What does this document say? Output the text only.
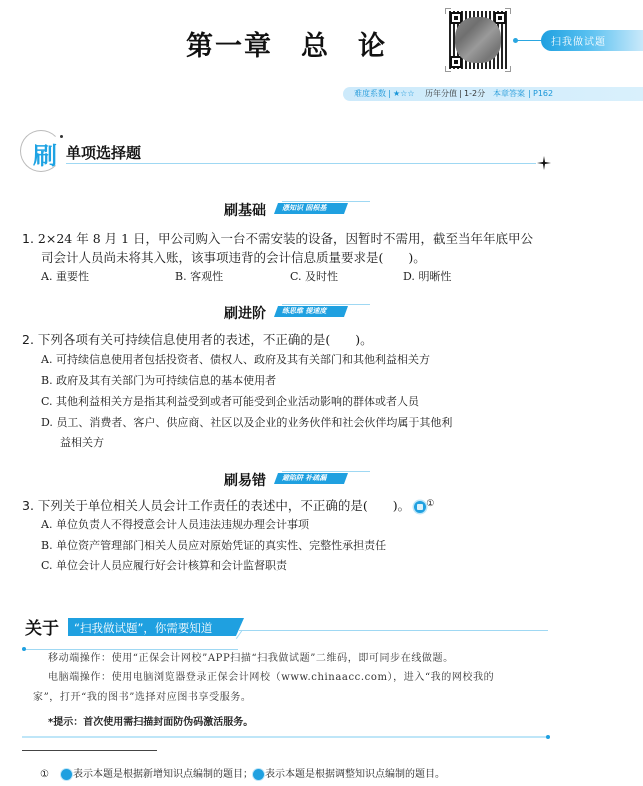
第一章 总 论	扫我做试题
难度系数 | ★☆☆ 历年分值 | 1-2分 本章答案 | P162
刷 单项选择题
刷基础	憑知识 固根基
1. 2×24 年 8 月 1 日，甲公司购入一台不需安装的设备，因暂时不需用，截至当年年底甲公
司会计人员尚未将其入账，该事项违背的会计信息质量要求是(　　)。
A. 重要性	B. 客观性	C. 及时性	D. 明晰性
刷进阶	练思维 提速度
2. 下列各项有关可持续信息使用者的表述，不正确的是(　　)。
A. 可持续信息使用者包括投资者、债权人、政府及其有关部门和其他利益相关方
B. 政府及其有关部门为可持续信息的基本使用者
C. 其他利益相关方是指其利益受到或者可能受到企业活动影响的群体或者人员
D. 员工、消费者、客户、供应商、社区以及企业的业务伙伴和社会伙伴均属于其他利
益相关方
刷易错	避陷阱 补疏漏
3. 下列关于单位相关人员会计工作责任的表述中，不正确的是(　　)。 ①
A. 单位负责人不得授意会计人员违法违规办理会计事项
B. 单位资产管理部门相关人员应对原始凭证的真实性、完整性承担责任
C. 单位会计人员应履行好会计核算和会计监督职责
关于 “扫我做试题”，你需要知道
移动端操作：使用“正保会计网校”APP扫描“扫我做试题”二维码，即可同步在线做题。
电脑端操作：使用电脑浏览器登录正保会计网校（www.chinaacc.com），进入“我的网校我的
家”，打开“我的图书”选择对应图书享受服务。
*提示：首次使用需扫描封面防伪码激活服务。
① 表示本题是根据新增知识点编制的题目； 表示本题是根据调整知识点编制的题目。
